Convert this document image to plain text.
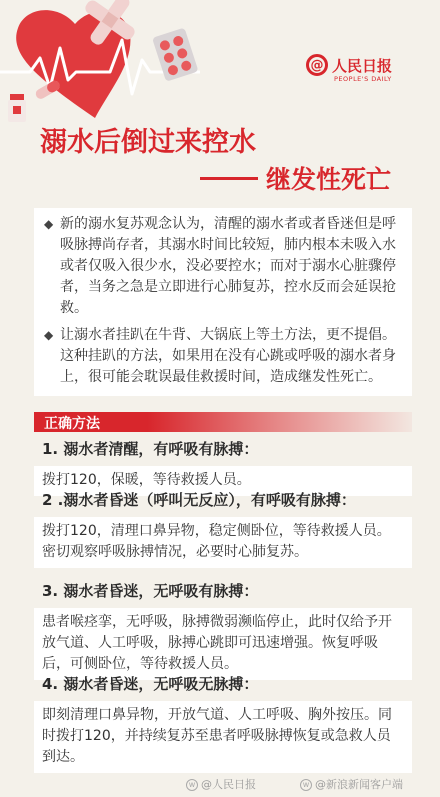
@ 人民日报
PEOPLE'S DAILY
溺水后倒过来控水
继发性死亡
◆ 新的溺水复苏观念认为，清醒的溺水者或者昏迷但是呼吸脉搏尚存者，其溺水时间比较短，肺内根本未吸入水或者仅吸入很少水，没必要控水；而对于溺水心脏骤停者，当务之急是立即进行心肺复苏，控水反而会延误抢救。
◆ 让溺水者挂趴在牛背、大锅底上等土方法，更不提倡。这种挂趴的方法，如果用在没有心跳或呼吸的溺水者身上，很可能会耽误最佳救援时间，造成继发性死亡。
正确方法
1. 溺水者清醒，有呼吸有脉搏：
拨打120，保暖，等待救援人员。
2 .溺水者昏迷（呼叫无反应），有呼吸有脉搏：
拨打120，清理口鼻异物，稳定侧卧位，等待救援人员。密切观察呼吸脉搏情况，必要时心肺复苏。
3. 溺水者昏迷，无呼吸有脉搏：
患者喉痉挛，无呼吸，脉搏微弱濒临停止，此时仅给予开放气道、人工呼吸，脉搏心跳即可迅速增强。恢复呼吸后，可侧卧位，等待救援人员。
4. 溺水者昏迷，无呼吸无脉搏：
即刻清理口鼻异物，开放气道、人工呼吸、胸外按压。同时拨打120，并持续复苏至患者呼吸脉搏恢复或急救人员到达。
w @人民日报	w @新浪新闻客户端
